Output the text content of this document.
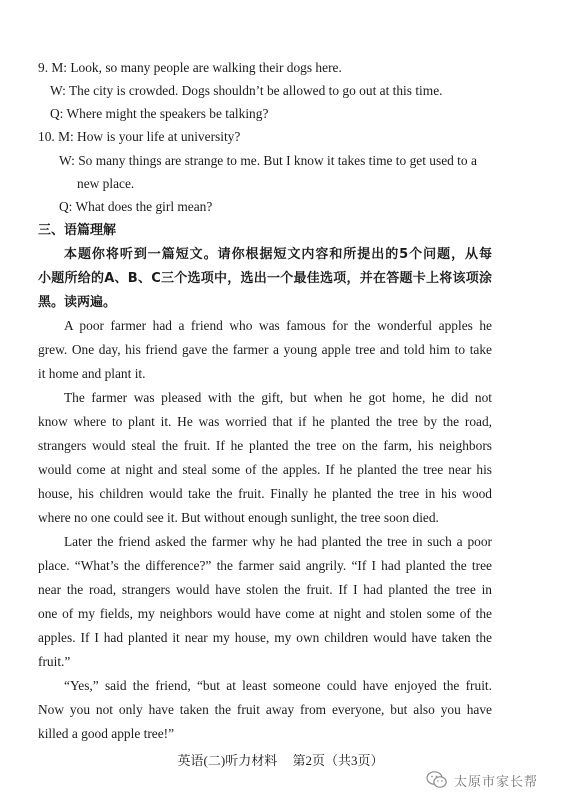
9. M: Look, so many people are walking their dogs here.
W: The city is crowded. Dogs shouldn’t be allowed to go out at this time.
Q: Where might the speakers be talking?
10. M: How is your life at university?
W: So many things are strange to me. But I know it takes time to get used to a
new place.
Q: What does the girl mean?
三、语篇理解
本题你将听到一篇短文。请你根据短文内容和所提出的5个问题，从每
小题所给的A、B、C三个选项中，选出一个最佳选项，并在答题卡上将该项涂
黑。读两遍。
A poor farmer had a friend who was famous for the wonderful apples he
grew. One day, his friend gave the farmer a young apple tree and told him to take
it home and plant it.
The farmer was pleased with the gift, but when he got home, he did not
know where to plant it. He was worried that if he planted the tree by the road,
strangers would steal the fruit. If he planted the tree on the farm, his neighbors
would come at night and steal some of the apples. If he planted the tree near his
house, his children would take the fruit. Finally he planted the tree in his wood
where no one could see it. But without enough sunlight, the tree soon died.
Later the friend asked the farmer why he had planted the tree in such a poor
place. “What’s the difference?” the farmer said angrily. “If I had planted the tree
near the road, strangers would have stolen the fruit. If I had planted the tree in
one of my fields, my neighbors would have come at night and stolen some of the
apples. If I had planted it near my house, my own children would have taken the
fruit.”
“Yes,” said the friend, “but at least someone could have enjoyed the fruit.
Now you not only have taken the fruit away from everyone, but also you have
killed a good apple tree!”
英语(二)听力材料 第2页（共3页）
太原市家长帮
